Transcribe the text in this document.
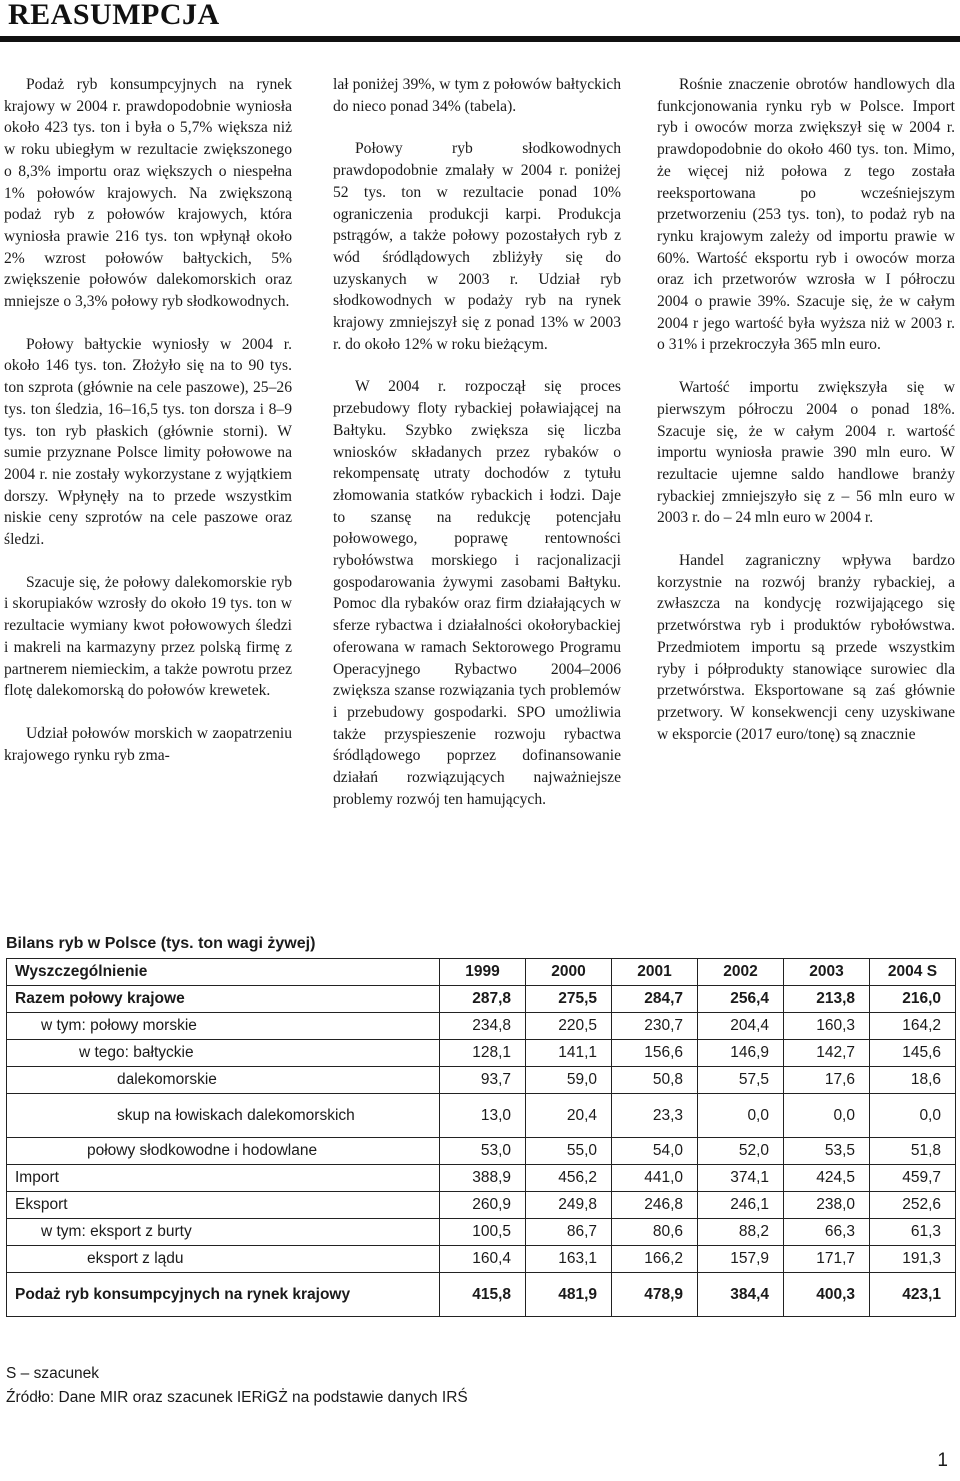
REASUMPCJA

Podaż ryb konsumpcyjnych na rynek krajowy w 2004 r. prawdopodobnie wyniosła około 423 tys. ton i była o 5,7% większa niż w roku ubiegłym w rezultacie zwiększonego o 8,3% importu oraz większych o niespełna 1% połowów krajowych. Na zwiększoną podaż ryb z połowów krajowych, która wyniosła prawie 216 tys. ton wpłynął około 2% wzrost połowów bałtyckich, 5% zwiększenie połowów dalekomorskich oraz mniejsze o 3,3% połowy ryb słodkowodnych.

Połowy bałtyckie wyniosły w 2004 r. około 146 tys. ton. Złożyło się na to 90 tys. ton szprota (głównie na cele paszowe), 25–26 tys. ton śledzia, 16–16,5 tys. ton dorsza i 8–9 tys. ton ryb płaskich (głównie storni). W sumie przyznane Polsce limity połowowe na 2004 r. nie zostały wykorzystane z wyjątkiem dorszy. Wpłynęły na to przede wszystkim niskie ceny szprotów na cele paszowe oraz śledzi.

Szacuje się, że połowy dalekomorskie ryb i skorupiaków wzrosły do około 19 tys. ton w rezultacie wymiany kwot połowowych śledzi i makreli na karmazyny przez polską firmę z partnerem niemieckim, a także powrotu przez flotę dalekomorską do połowów krewetek.

Udział połowów morskich w zaopatrzeniu krajowego rynku ryb zma-

lał poniżej 39%, w tym z połowów bałtyckich do nieco ponad 34% (tabela).

Połowy ryb słodkowodnych prawdopodobnie zmalały w 2004 r. poniżej 52 tys. ton w rezultacie ponad 10% ograniczenia produkcji karpi. Produkcja pstrągów, a także połowy pozostałych ryb z wód śródlądowych zbliżyły się do uzyskanych w 2003 r. Udział ryb słodkowodnych w podaży ryb na rynek krajowy zmniejszył się z ponad 13% w 2003 r. do około 12% w roku bieżącym.

W 2004 r. rozpoczął się proces przebudowy floty rybackiej poławiającej na Bałtyku. Szybko zwiększa się liczba wniosków składanych przez rybaków o rekompensatę utraty dochodów z tytułu złomowania statków rybackich i łodzi. Daje to szansę na redukcję potencjału połowowego, poprawę rentowności rybołówstwa morskiego i racjonalizacji gospodarowania żywymi zasobami Bałtyku. Pomoc dla rybaków oraz firm działających w sferze rybactwa i działalności okołorybackiej oferowana w ramach Sektorowego Programu Operacyjnego Rybactwo 2004–2006 zwiększa szanse rozwiązania tych problemów i przebudowy gospodarki. SPO umożliwia także przyspieszenie rozwoju rybactwa śródlądowego poprzez dofinansowanie działań rozwiązujących najważniejsze problemy rozwój ten hamujących.

Rośnie znaczenie obrotów handlowych dla funkcjonowania rynku ryb w Polsce. Import ryb i owoców morza zwiększył się w 2004 r. prawdopodobnie do około 460 tys. ton. Mimo, że więcej niż połowa z tego została reeksportowana po wcześniejszym przetworzeniu (253 tys. ton), to podaż ryb na rynku krajowym zależy od importu prawie w 60%. Wartość eksportu ryb i owoców morza oraz ich przetworów wzrosła w I półroczu 2004 o prawie 39%. Szacuje się, że w całym 2004 r jego wartość była wyższa niż w 2003 r. o 31% i przekroczyła 365 mln euro.

Wartość importu zwiększyła się w pierwszym półroczu 2004 o ponad 18%. Szacuje się, że w całym 2004 r. wartość importu wyniosła prawie 390 mln euro. W rezultacie ujemne saldo handlowe branży rybackiej zmniejszyło się z – 56 mln euro w 2003 r. do – 24 mln euro w 2004 r.

Handel zagraniczny wpływa bardzo korzystnie na rozwój branży rybackiej, a zwłaszcza na kondycję rozwijającego się przetwórstwa ryb i produktów rybołówstwa. Przedmiotem importu są przede wszystkim ryby i półprodukty stanowiące surowiec dla przetwórstwa. Eksportowane są zaś głównie przetwory. W konsekwencji ceny uzyskiwane w eksporcie (2017 euro/tonę) są znacznie

Bilans ryb w Polsce (tys. ton wagi żywej)
Wyszczególnienie	1999	2000	2001	2002	2003	2004 S
Razem połowy krajowe	287,8	275,5	284,7	256,4	213,8	216,0
w tym: połowy morskie	234,8	220,5	230,7	204,4	160,3	164,2
w tego: bałtyckie	128,1	141,1	156,6	146,9	142,7	145,6
dalekomorskie	93,7	59,0	50,8	57,5	17,6	18,6
skup na łowiskach dalekomorskich	13,0	20,4	23,3	0,0	0,0	0,0
połowy słodkowodne i hodowlane	53,0	55,0	54,0	52,0	53,5	51,8
Import	388,9	456,2	441,0	374,1	424,5	459,7
Eksport	260,9	249,8	246,8	246,1	238,0	252,6
w tym: eksport z burty	100,5	86,7	80,6	88,2	66,3	61,3
eksport z lądu	160,4	163,1	166,2	157,9	171,7	191,3
Podaż ryb konsumpcyjnych na rynek krajowy	415,8	481,9	478,9	384,4	400,3	423,1
S – szacunek
Źródło: Dane MIR oraz szacunek IERiGŻ na podstawie danych IRŚ
1
